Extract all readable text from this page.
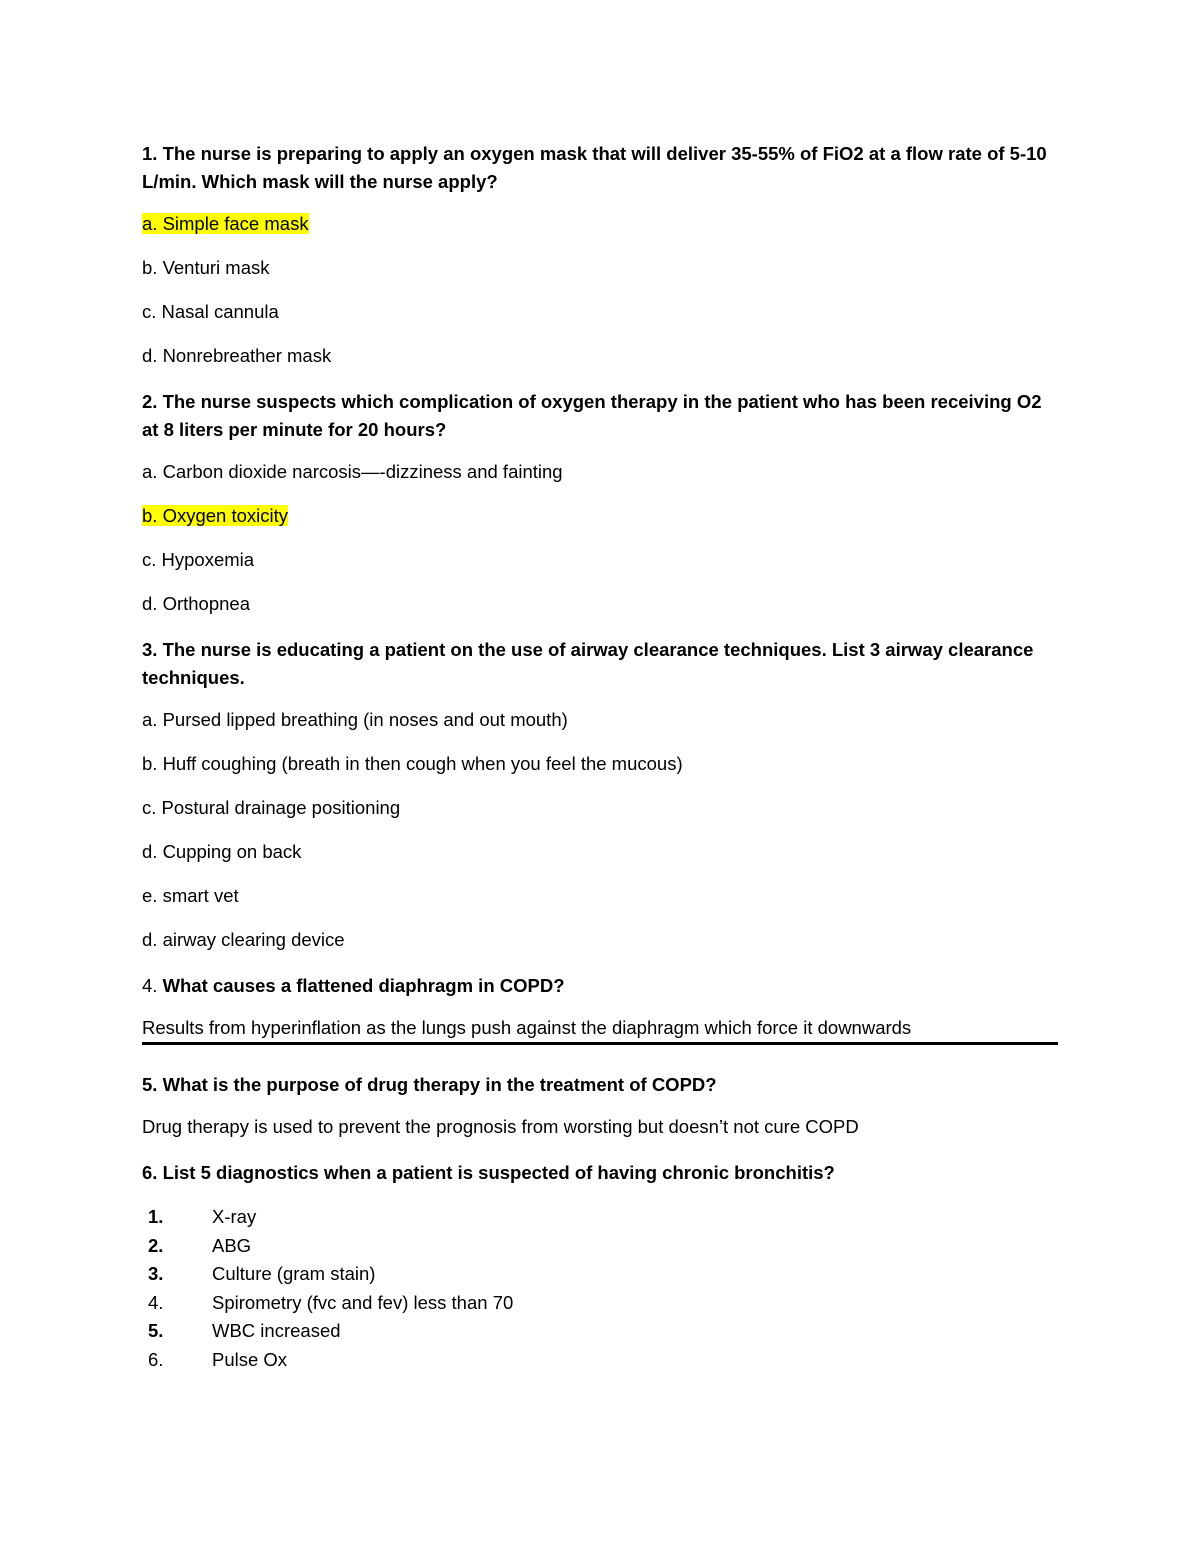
1. The nurse is preparing to apply an oxygen mask that will deliver 35-55% of FiO2 at a flow rate of 5-10 L/min. Which mask will the nurse apply?
a. Simple face mask
b. Venturi mask
c. Nasal cannula
d. Nonrebreather mask
2. The nurse suspects which complication of oxygen therapy in the patient who has been receiving O2 at 8 liters per minute for 20 hours?
a. Carbon dioxide narcosis—-dizziness and fainting
b. Oxygen toxicity
c. Hypoxemia
d. Orthopnea
3. The nurse is educating a patient on the use of airway clearance techniques. List 3 airway clearance techniques.
a. Pursed lipped breathing (in noses and out mouth)
b. Huff coughing (breath in then cough when you feel the mucous)
c. Postural drainage positioning
d. Cupping on back
e. smart vet
d. airway clearing device
4. What causes a flattened diaphragm in COPD?
Results from hyperinflation as the lungs push against the diaphragm which force it downwards
5. What is the purpose of drug therapy in the treatment of COPD?
Drug therapy is used to prevent the prognosis from worsting but doesn’t not cure COPD
6. List 5 diagnostics when a patient is suspected of having chronic bronchitis?
1.	X-ray
2.	ABG
3.	Culture (gram stain)
4.	Spirometry (fvc and fev) less than 70
5.	WBC increased
6.	Pulse Ox
